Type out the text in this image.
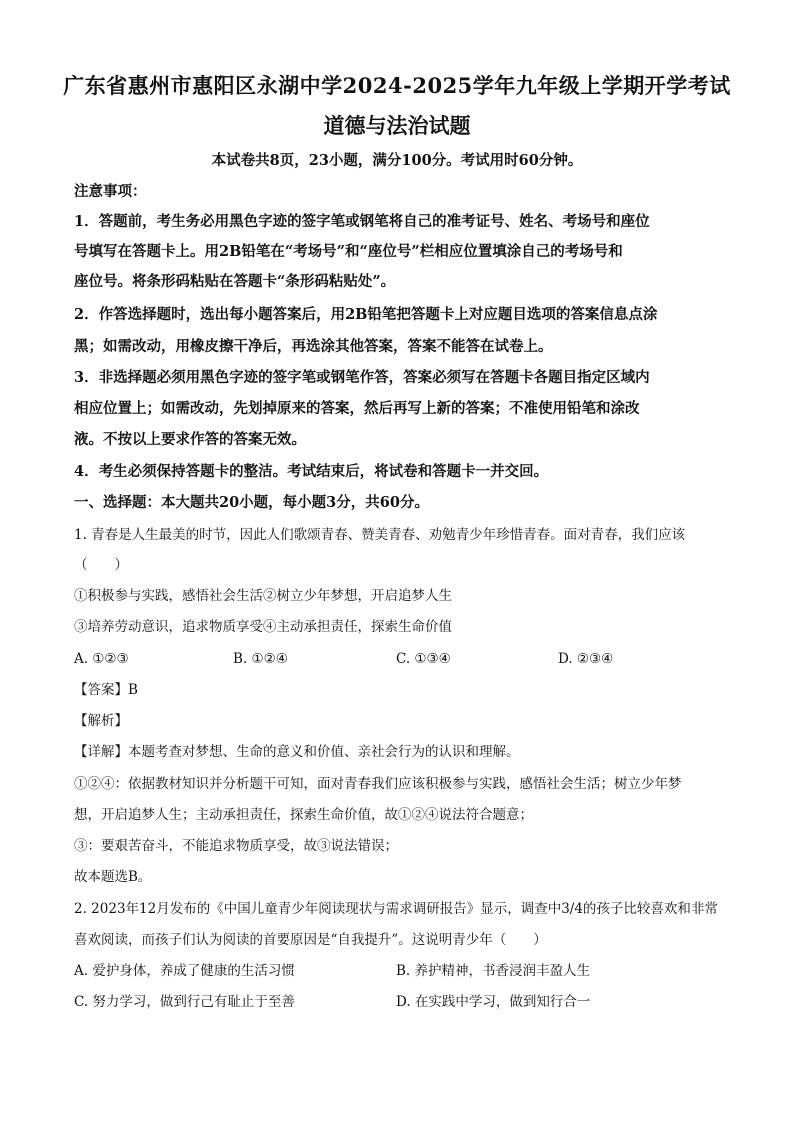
广东省惠州市惠阳区永湖中学2024-2025学年九年级上学期开学考试
道德与法治试题
本试卷共8页，23小题，满分100分。考试用时60分钟。
注意事项：
1．答题前，考生务必用黑色字迹的签字笔或钢笔将自己的准考证号、姓名、考场号和座位
号填写在答题卡上。用2B铅笔在“考场号”和“座位号”栏相应位置填涂自己的考场号和
座位号。将条形码粘贴在答题卡“条形码粘贴处”。
2．作答选择题时，选出每小题答案后，用2B铅笔把答题卡上对应题目选项的答案信息点涂
黑；如需改动，用橡皮擦干净后，再选涂其他答案，答案不能答在试卷上。
3．非选择题必须用黑色字迹的签字笔或钢笔作答，答案必须写在答题卡各题目指定区域内
相应位置上；如需改动，先划掉原来的答案，然后再写上新的答案；不准使用铅笔和涂改
液。不按以上要求作答的答案无效。
4．考生必须保持答题卡的整洁。考试结束后，将试卷和答题卡一并交回。
一、选择题：本大题共20小题，每小题3分，共60分。
1. 青春是人生最美的时节，因此人们歌颂青春、赞美青春、劝勉青少年珍惜青春。面对青春，我们应该
（　　）
①积极参与实践，感悟社会生活②树立少年梦想，开启追梦人生
③培养劳动意识，追求物质享受④主动承担责任，探索生命价值
A. ①②③	B. ①②④	C. ①③④	D. ②③④
【答案】B
【解析】
【详解】本题考查对梦想、生命的意义和价值、亲社会行为的认识和理解。
①②④：依据教材知识并分析题干可知，面对青春我们应该积极参与实践，感悟社会生活；树立少年梦
想，开启追梦人生；主动承担责任，探索生命价值，故①②④说法符合题意；
③：要艰苦奋斗，不能追求物质享受，故③说法错误；
故本题选B。
2. 2023年12月发布的《中国儿童青少年阅读现状与需求调研报告》显示，调查中3/4的孩子比较喜欢和非常
喜欢阅读，而孩子们认为阅读的首要原因是“自我提升”。这说明青少年（　　）
A. 爱护身体，养成了健康的生活习惯	B. 养护精神，书香浸润丰盈人生
C. 努力学习，做到行己有耻止于至善	D. 在实践中学习，做到知行合一
